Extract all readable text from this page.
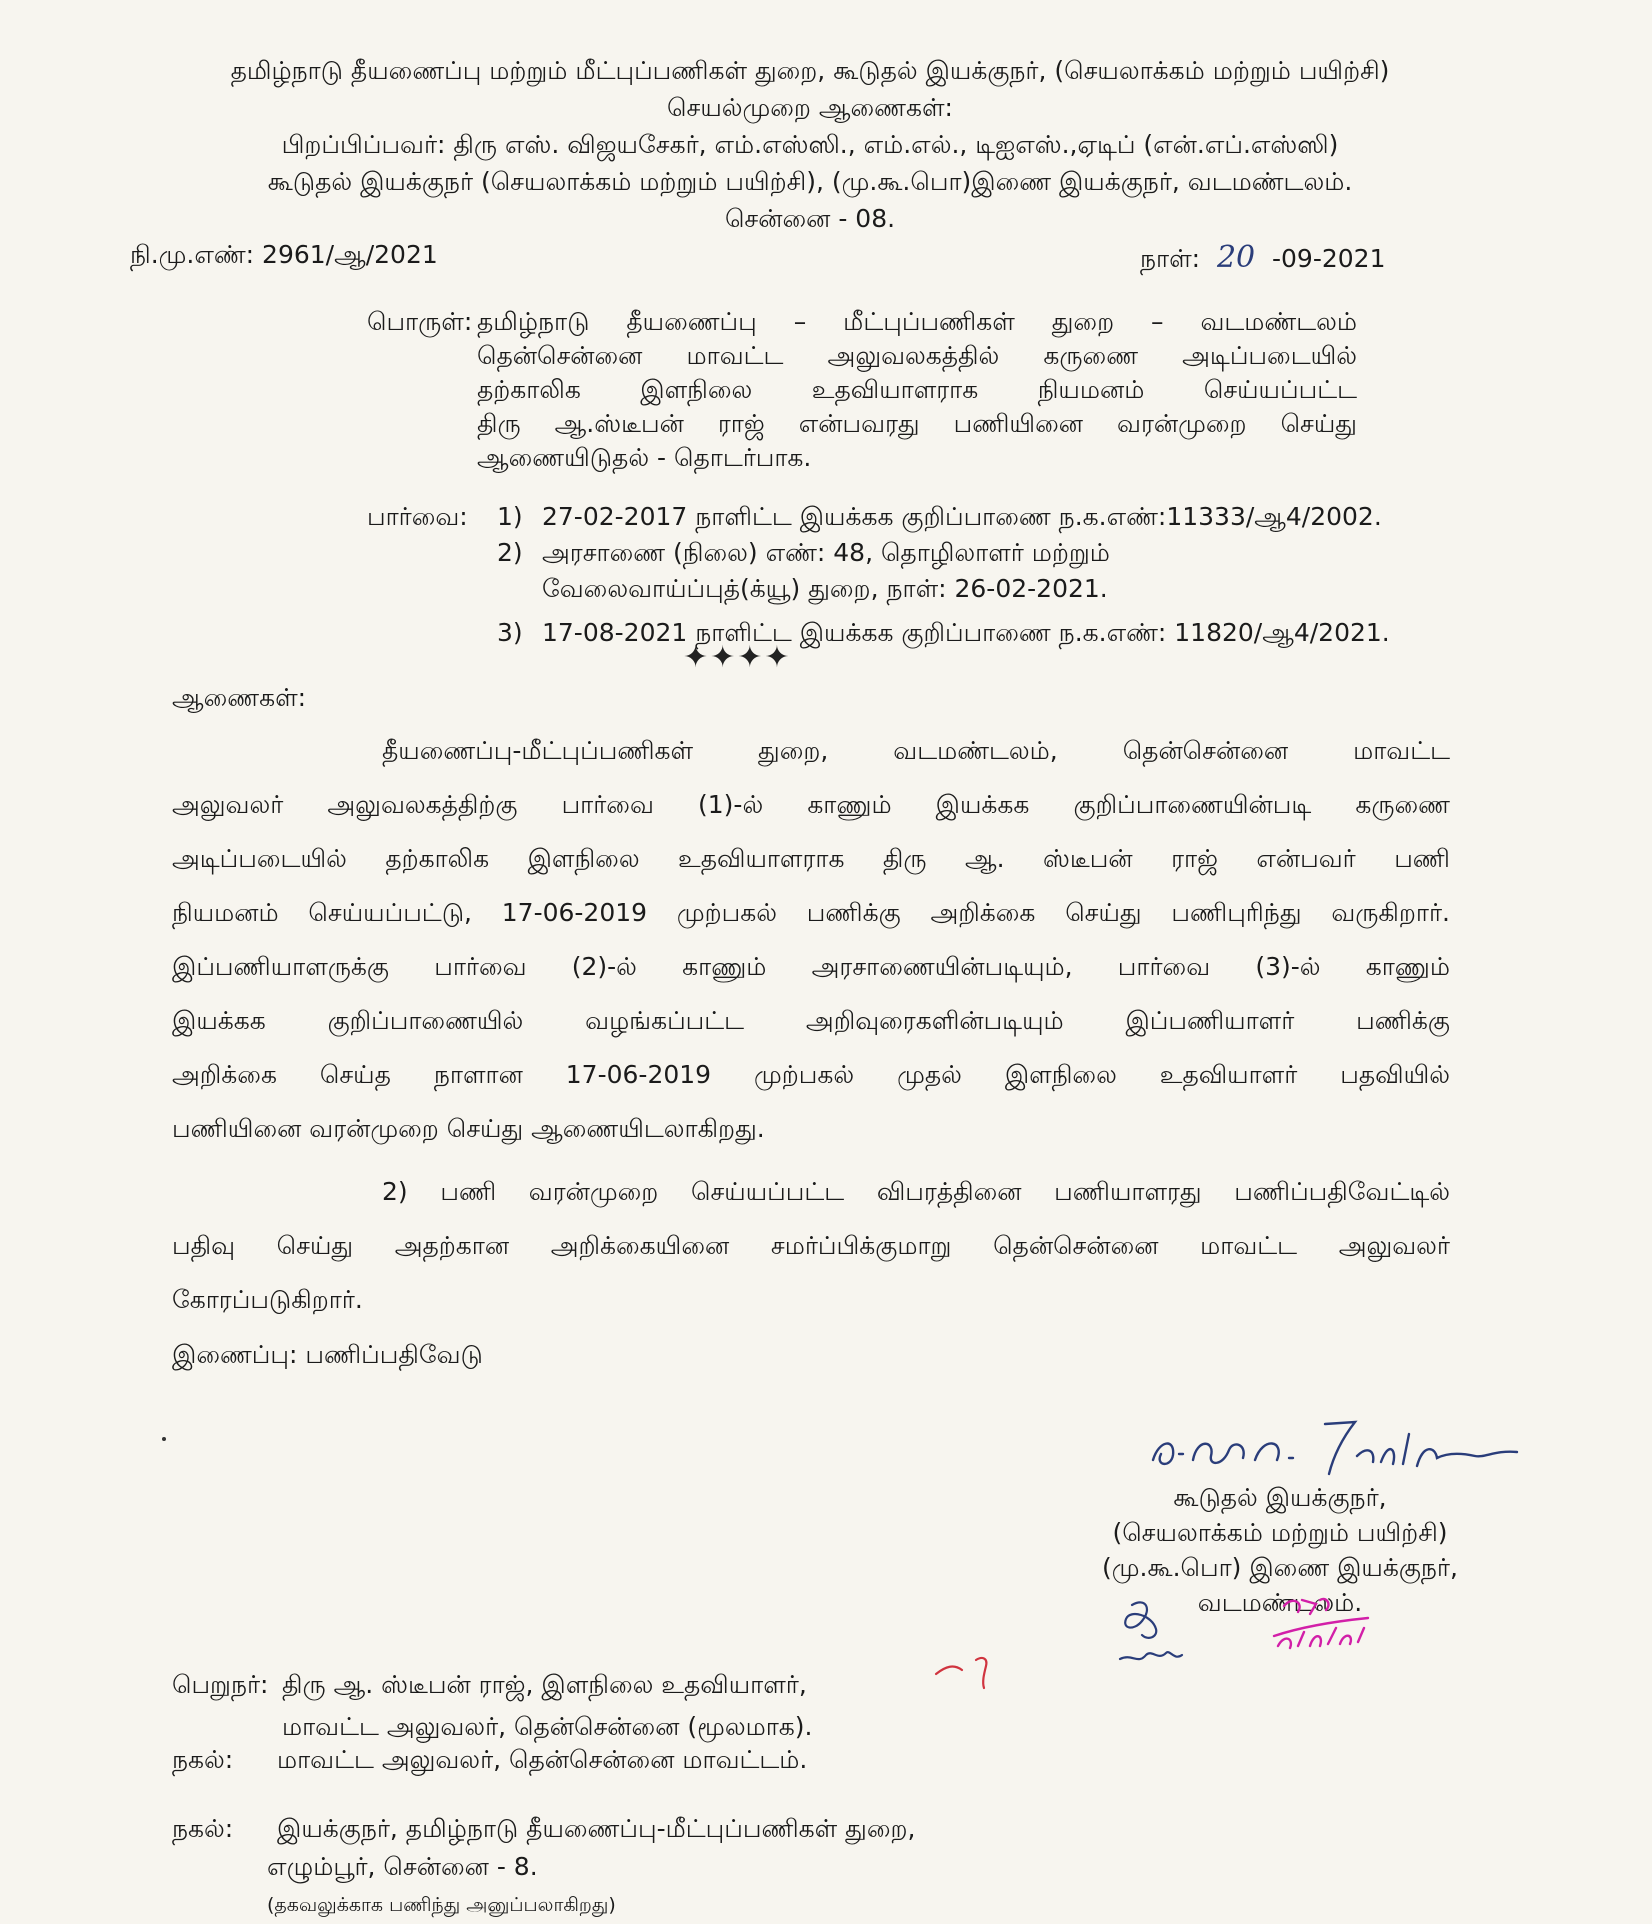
தமிழ்நாடு தீயணைப்பு மற்றும் மீட்புப்பணிகள் துறை, கூடுதல் இயக்குநர், (செயலாக்கம் மற்றும் பயிற்சி)
செயல்முறை ஆணைகள்:
பிறப்பிப்பவர்: திரு எஸ். விஜயசேகர், எம்.எஸ்ஸி., எம்.எல்., டிஐஎஸ்.,ஏடிப் (என்.எப்.எஸ்ஸி)
கூடுதல் இயக்குநர் (செயலாக்கம் மற்றும் பயிற்சி), (மு.கூ.பொ)இணை இயக்குநர், வடமண்டலம்.
சென்னை - 08.
நி.மு.எண்: 2961/ஆ/2021	நாள்: 20 -09-2021
பொருள்: தமிழ்நாடு தீயணைப்பு – மீட்புப்பணிகள் துறை – வடமண்டலம்
தென்சென்னை மாவட்ட அலுவலகத்தில் கருணை அடிப்படையில்
தற்காலிக இளநிலை உதவியாளராக நியமனம் செய்யப்பட்ட
திரு ஆ.ஸ்டீபன் ராஜ் என்பவரது பணியினை வரன்முறை செய்து
ஆணையிடுதல் - தொடர்பாக.
பார்வை: 1) 27-02-2017 நாளிட்ட இயக்கக குறிப்பாணை ந.க.எண்:11333/ஆ4/2002.
2) அரசாணை (நிலை) எண்: 48, தொழிலாளர் மற்றும்
வேலைவாய்ப்புத்(க்யூ) துறை, நாள்: 26-02-2021.
3) 17-08-2021 நாளிட்ட இயக்கக குறிப்பாணை ந.க.எண்: 11820/ஆ4/2021.
✦✦✦✦
ஆணைகள்:
தீயணைப்பு-மீட்புப்பணிகள் துறை, வடமண்டலம், தென்சென்னை மாவட்ட
அலுவலர் அலுவலகத்திற்கு பார்வை (1)-ல் காணும் இயக்கக குறிப்பாணையின்படி கருணை
அடிப்படையில் தற்காலிக இளநிலை உதவியாளராக திரு ஆ. ஸ்டீபன் ராஜ் என்பவர் பணி
நியமனம் செய்யப்பட்டு, 17-06-2019 முற்பகல் பணிக்கு அறிக்கை செய்து பணிபுரிந்து வருகிறார்.
இப்பணியாளருக்கு பார்வை (2)-ல் காணும் அரசாணையின்படியும், பார்வை (3)-ல் காணும்
இயக்கக குறிப்பாணையில் வழங்கப்பட்ட அறிவுரைகளின்படியும் இப்பணியாளர் பணிக்கு
அறிக்கை செய்த நாளான 17-06-2019 முற்பகல் முதல் இளநிலை உதவியாளர் பதவியில்
பணியினை வரன்முறை செய்து ஆணையிடலாகிறது.
2) பணி வரன்முறை செய்யப்பட்ட விபரத்தினை பணியாளரது பணிப்பதிவேட்டில்
பதிவு செய்து அதற்கான அறிக்கையினை சமர்ப்பிக்குமாறு தென்சென்னை மாவட்ட அலுவலர்
கோரப்படுகிறார்.
இணைப்பு: பணிப்பதிவேடு
கூடுதல் இயக்குநர்,
(செயலாக்கம் மற்றும் பயிற்சி)
(மு.கூ.பொ) இணை இயக்குநர்,
வடமண்டலம்.
பெறுநர்: திரு ஆ. ஸ்டீபன் ராஜ், இளநிலை உதவியாளர்,
மாவட்ட அலுவலர், தென்சென்னை (மூலமாக).
நகல்: மாவட்ட அலுவலர், தென்சென்னை மாவட்டம்.
நகல்: இயக்குநர், தமிழ்நாடு தீயணைப்பு-மீட்புப்பணிகள் துறை,
எழும்பூர், சென்னை - 8.
(தகவலுக்காக பணிந்து அனுப்பலாகிறது)
